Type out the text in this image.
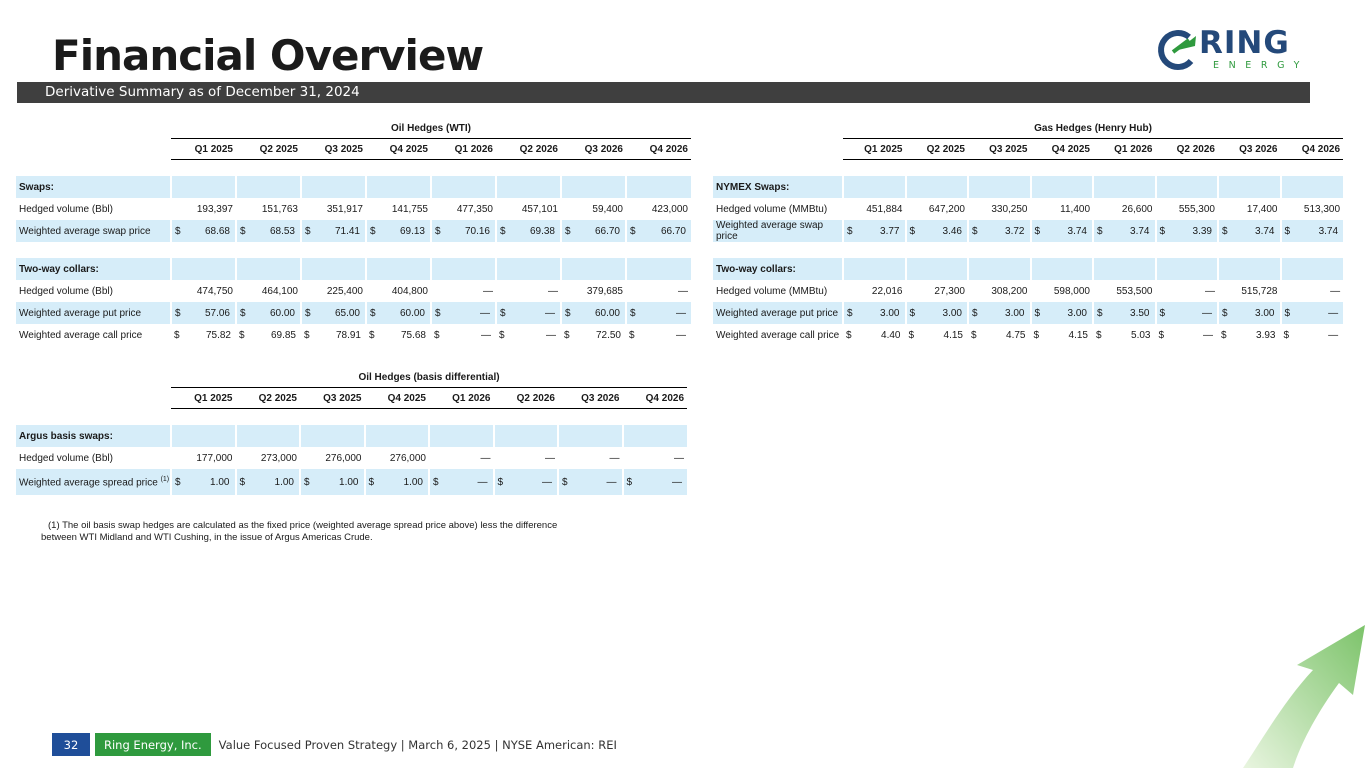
Financial Overview	RING
ENERGY
Derivative Summary as of December 31, 2024
	Oil Hedges (WTI)							
	Q1 2025	Q2 2025	Q3 2025	Q4 2025	Q1 2026	Q2 2026	Q3 2026	Q4 2026

Swaps:								
Hedged volume (Bbl)	193,397	151,763	351,917	141,755	477,350	457,101	59,400	423,000
Weighted average swap price	$ 68.68	$ 68.53	$ 71.41	$ 69.13	$ 70.16	$ 69.38	$ 66.70	$ 66.70

Two-way collars:								
Hedged volume (Bbl)	474,750	464,100	225,400	404,800	—	—	379,685	—
Weighted average put price	$ 57.06	$ 60.00	$ 65.00	$ 60.00	$ —	$ —	$ 60.00	$ —

Weighted average call price	$ 75.82	$ 69.85	$ 78.91	$ 75.68	$ —	$ —	$ 72.50	$ —
	Oil Hedges (basis differential)							
	Q1 2025	Q2 2025	Q3 2025	Q4 2025	Q1 2026	Q2 2026	Q3 2026	Q4 2026

Argus basis swaps:								
Hedged volume (Bbl)	177,000	273,000	276,000	276,000	—	—	—	—
Weighted average spread price $^{(1)}$	$ 1.00	$ 1.00	$ 1.00	$ 1.00	$ —	$ —	$ —	$ —
	Gas Hedges (Henry Hub)							
	Q1 2025	Q2 2025	Q3 2025	Q4 2025	Q1 2026	Q2 2026	Q3 2026	Q4 2026

NYMEX Swaps:								
Hedged volume (MMBtu)	451,884	647,200	330,250	11,400	26,600	555,300	17,400	513,300
Weighted average swap price	$ 3.77	$ 3.46	$ 3.72	$ 3.74	$ 3.74	$ 3.39	$ 3.74	$ 3.74

Two-way collars:								
Hedged volume (MMBtu)	22,016	27,300	308,200	598,000	553,500	—	515,728	—
Weighted average put price	$ 3.00	$ 3.00	$ 3.00	$ 3.00	$ 3.50	$ —	$ 3.00	$ —

Weighted average call price	$ 4.40	$ 4.15	$ 4.75	$ 4.15	$ 5.03	$ —	$ 3.93	$ —

(1) The oil basis swap hedges are calculated as the fixed price (weighted average spread price above) less the difference

between WTI Midland and WTI Cushing, in the issue of Argus Americas Crude.

32	Ring Energy, Inc.	Value Focused Proven Strategy | March 6, 2025 | NYSE American: REI
